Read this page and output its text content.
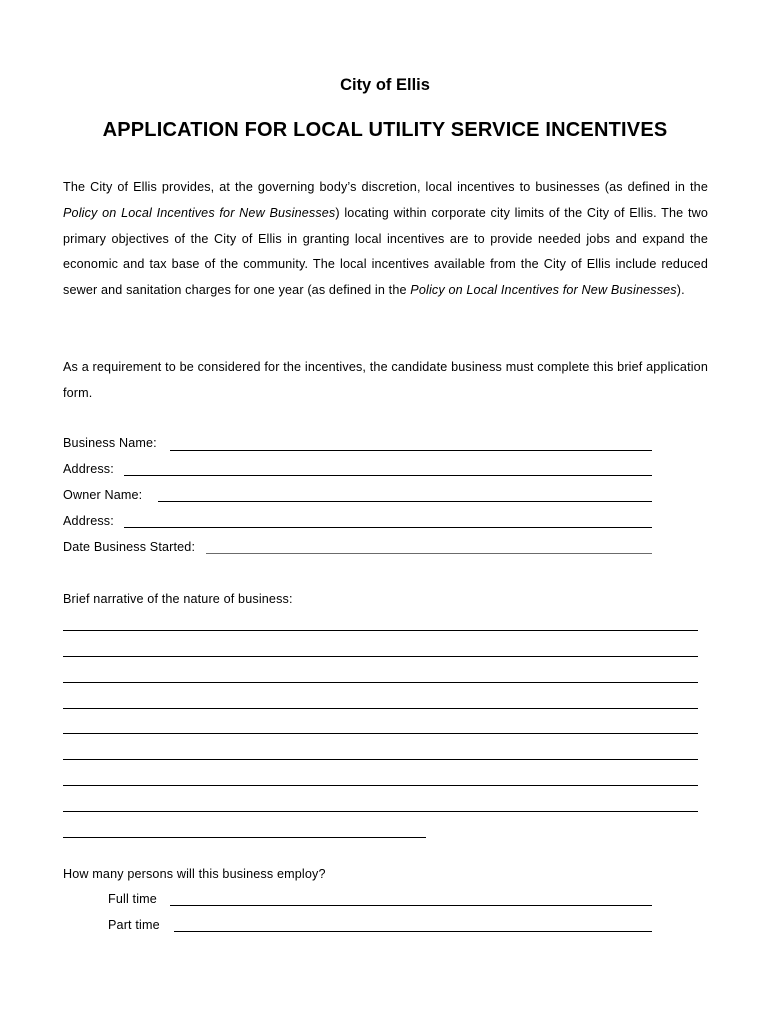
City of Ellis
APPLICATION FOR LOCAL UTILITY SERVICE INCENTIVES
The City of Ellis provides, at the governing body’s discretion, local incentives to businesses (as defined in the Policy on Local Incentives for New Businesses) locating within corporate city limits of the City of Ellis. The two primary objectives of the City of Ellis in granting local incentives are to provide needed jobs and expand the economic and tax base of the community. The local incentives available from the City of Ellis include reduced sewer and sanitation charges for one year (as defined in the Policy on Local Incentives for New Businesses).
As a requirement to be considered for the incentives, the candidate business must complete this brief application form.
Business Name:
Address:
Owner Name:
Address:
Date Business Started:
Brief narrative of the nature of business:
How many persons will this business employ?
Full time
Part time
